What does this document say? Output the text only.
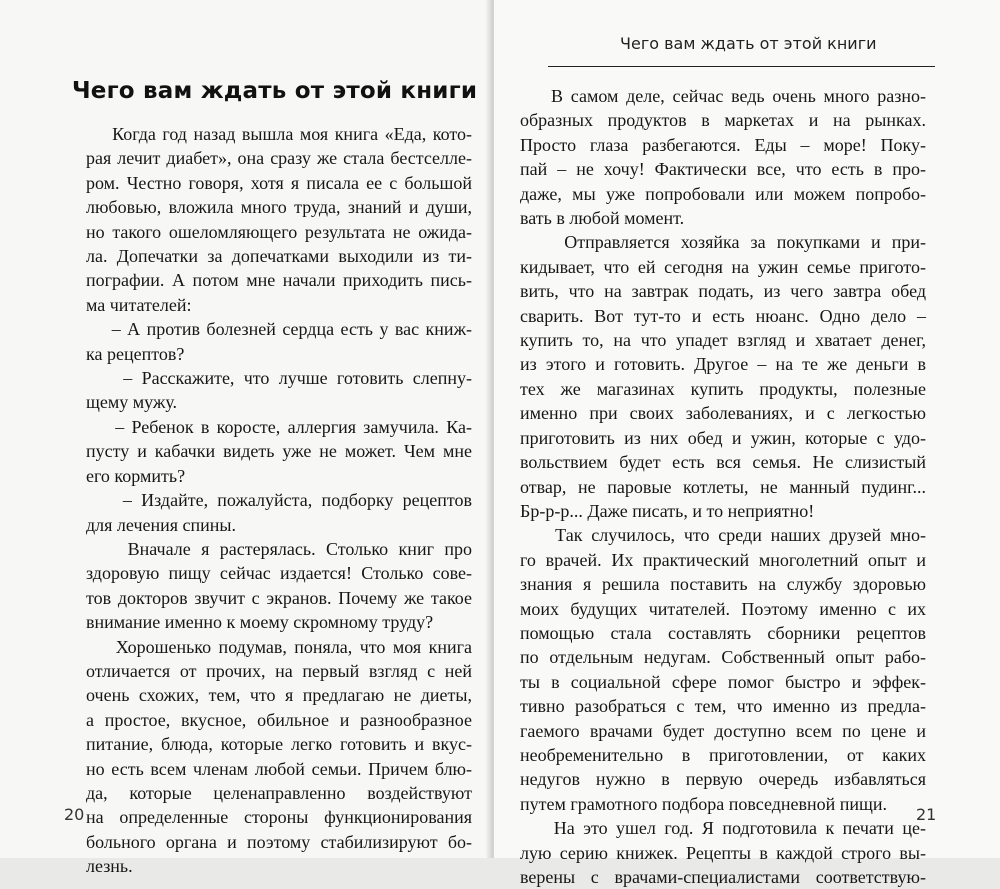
Чего вам ждать от этой книги
Когда год назад вышла моя книга «Еда, кото-
рая лечит диабет», она сразу же стала бестселле-
ром. Честно говоря, хотя я писала ее с большой
любовью, вложила много труда, знаний и души,
но такого ошеломляющего результата не ожида-
ла. Допечатки за допечатками выходили из ти-
пографии. А потом мне начали приходить пись-
ма читателей:
– А против болезней сердца есть у вас книж-
ка рецептов?
– Расскажите, что лучше готовить слепну-
щему мужу.
– Ребенок в коросте, аллергия замучила. Ка-
пусту и кабачки видеть уже не может. Чем мне
его кормить?
– Издайте, пожалуйста, подборку рецептов
для лечения спины.
Вначале я растерялась. Столько книг про
здоровую пищу сейчас издается! Столько сове-
тов докторов звучит с экранов. Почему же такое
внимание именно к моему скромному труду?
Хорошенько подумав, поняла, что моя книга
отличается от прочих, на первый взгляд с ней
очень схожих, тем, что я предлагаю не диеты,
а простое, вкусное, обильное и разнообразное
питание, блюда, которые легко готовить и вкус-
но есть всем членам любой семьи. Причем блю-
да, которые целенаправленно воздействуют
на определенные стороны функционирования
больного органа и поэтому стабилизируют бо-
лезнь.
20
Чего вам ждать от этой книги
В самом деле, сейчас ведь очень много разно-
образных продуктов в маркетах и на рынках.
Просто глаза разбегаются. Еды – море! Поку-
пай – не хочу! Фактически все, что есть в про-
даже, мы уже попробовали или можем попробо-
вать в любой момент.
Отправляется хозяйка за покупками и при-
кидывает, что ей сегодня на ужин семье пригото-
вить, что на завтрак подать, из чего завтра обед
сварить. Вот тут-то и есть нюанс. Одно дело –
купить то, на что упадет взгляд и хватает денег,
из этого и готовить. Другое – на те же деньги в
тех же магазинах купить продукты, полезные
именно при своих заболеваниях, и с легкостью
приготовить из них обед и ужин, которые с удо-
вольствием будет есть вся семья. Не слизистый
отвар, не паровые котлеты, не манный пудинг...
Бр-р-р... Даже писать, и то неприятно!
Так случилось, что среди наших друзей мно-
го врачей. Их практический многолетний опыт и
знания я решила поставить на службу здоровью
моих будущих читателей. Поэтому именно с их
помощью стала составлять сборники рецептов
по отдельным недугам. Собственный опыт рабо-
ты в социальной сфере помог быстро и эффек-
тивно разобраться с тем, что именно из предла-
гаемого врачами будет доступно всем по цене и
необременительно в приготовлении, от каких
недугов нужно в первую очередь избавляться
путем грамотного подбора повседневной пищи.
На это ушел год. Я подготовила к печати це-
лую серию книжек. Рецепты в каждой строго вы-
верены с врачами-специалистами соответствую-
21
